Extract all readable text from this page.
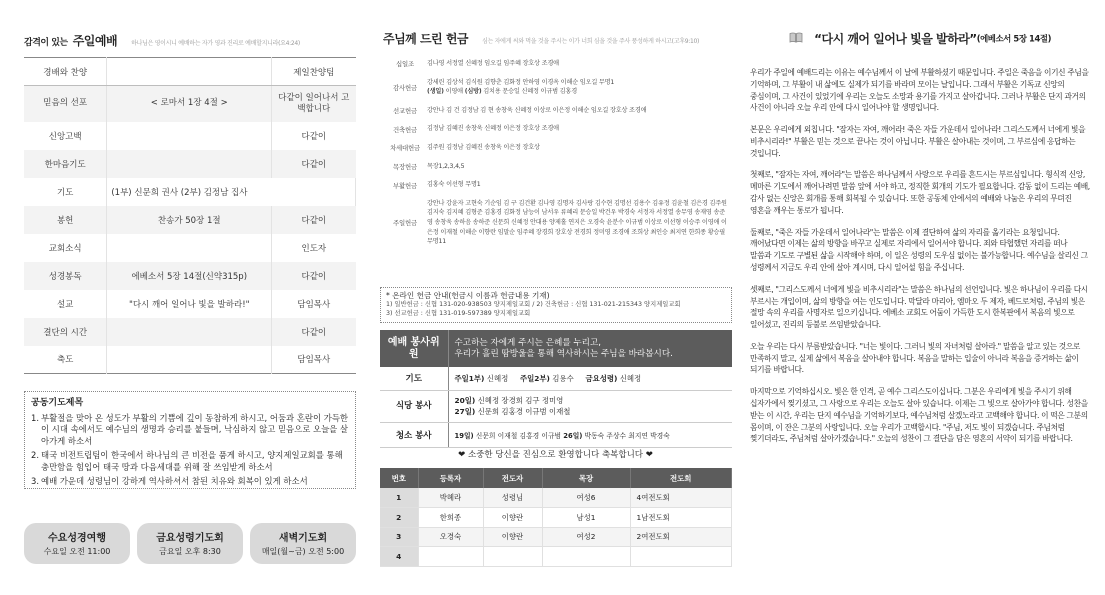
감격이 있는 주일예배 하나님은 영이시니 예배하는 자가 영과 진리로 예배할지니라(요4:24)
경배와 찬양		제일찬양팀
믿음의 선포	< 로마서 1장 4절 >	다같이 일어나서 고백합니다
신앙고백		다같이
한마음기도		다같이
기도	(1부) 신문희 권사 (2부) 김정남 집사	
봉헌	찬송가 50장 1절	다같이
교회소식		인도자
성경봉독	에베소서 5장 14절(신약315p)	다같이
설교	"다시 깨어 일어나 빛을 발하라!"	담임목사
결단의 시간		다같이
축도		담임목사
공동기도제목
1. 부활절을 맞아 온 성도가 부활의 기쁨에 깊이 동참하게 하시고, 어둠과 혼란이 가득한 이 시대 속에서도 예수님의 생명과 승리를 붙들며, 낙심하지 않고 믿음으로 오늘을 살아가게 하소서
2. 태국 비전트립팀이 한국에서 하나님의 큰 비전을 품게 하시고, 양지제일교회를 통해 충만함을 힘입어 태국 땅과 다음세대를 위해 잘 쓰임받게 하소서
3. 예배 가운데 성령님이 강하게 역사하셔서 참된 치유와 회복이 있게 하소서
수요성경여행
수요일 오전 11:00
금요성령기도회
금요일 오후 8:30
새벽기도회
매일(월~금) 오전 5:00
주님께 드린 헌금 심는 자에게 씨와 먹을 것을 주시는 이가 너희 심을 것을 주사 풍성하게 하시고(고후9:10)
십일조	김나영 서정열 신혜정 임오길 임주혜 장호상 조경애
감사헌금
강세린 김상석 김식원 김향춘 김화정 안하영 이경옥 이해순 임오길 무명1
(생일) 이영애 (심방) 김치용 문승일 신혜정 이규범 김홍경
선교헌금	강안나 김 건 김정남 김 현 송창욱 신혜정 이상로 이은정 이해순 임오길 장호상 조경애
건축헌금	김정남 김혜진 송창욱 신혜정 이은정 장호상 조경애
차세대헌금	김주원 김정남 김혜진 송창욱 이은정 장호상
목장헌금	목장1,2,3,4,5
부활헌금	김홍숙 이선형 무명1
주일헌금
강안나 강윤자 고현숙 기순임 김 구 김건환 김나영 김명자 김사랑 김수현 김명선 김용수 김유정 김윤철 김은경 김주원 김지숙 김지혜 김형준 김홍경 김화정 남능이 남서우 류혜리 문승일 박건우 박경숙 서정자 서정열 송무영 송재영 송준영 송창욱 송하음 송하준 신문희 신혜정 안대용 양제홀 연지은 오경숙 윤분수 이규범 이상로 이선형 이승주 이영애 이은정 이재철 이해순 이향란 임말순 임주혜 장경희 장호상 전경희 정미영 조경애 조희상 최인승 최지연 한희종 황승필 무명11
* 온라인 헌금 안내(헌금시 이름과 헌금내용 기재)
1) 일반헌금 : 신협 131-020-938503 양지제일교회 / 2) 건축헌금 : 신협 131-021-215343 양지제일교회
3) 선교헌금 : 신협 131-019-597389 양지제일교회
예배 봉사위원	수고하는 자에게 주시는 은혜를 누리고,
우리가 흘린 땀방울을 통해 역사하시는 주님을 바라봅시다.
기도	주일1부) 신혜정 주일2부) 김용수 금요성령) 신혜정
식당 봉사	20일) 신혜정 장경희 김구 정미영
27일) 신문희 김홍경 이규범 이재철
청소 봉사	19일) 신문희 이재철 김홍경 이규범 26일) 박동숙 주상수 최지연 박경숙
❤ 소중한 당신을 진심으로 환영합니다 축복합니다 ❤
번호	등록자	전도자	목장	전도회
1	박혜라	성령님	여성6	4여전도회
2	한희종	이향란	남성1	1남전도회
3	오경숙	이향란	여성2	2여전도회
4				
“다시 깨어 일어나 빛을 발하라”(에베소서 5장 14절)

우리가 주일에 예배드리는 이유는 예수님께서 이 날에 부활하셨기 때문입니다. 주일은 죽음을 이기신 주님을 기억하며, 그 부활이 내 삶에도 실제가 되기를 바라며 모이는 날입니다. 그래서 부활은 기독교 신앙의 중심이며, 그 사건이 있었기에 우리는 오늘도 소망과 용기를 가지고 살아갑니다. 그러나 부활은 단지 과거의 사건이 아니라 오늘 우리 안에 다시 일어나야 할 생명입니다.

본문은 우리에게 외칩니다. "잠자는 자여, 깨어라! 죽은 자들 가운데서 일어나라! 그리스도께서 너에게 빛을 비추시리라!" 부활은 믿는 것으로 끝나는 것이 아닙니다. 부활은 살아내는 것이며, 그 부르심에 응답하는 것입니다.

첫째로, "잠자는 자여, 깨어라"는 말씀은 하나님께서 사랑으로 우리를 흔드시는 부르심입니다. 형식적 신앙, 메마른 기도에서 깨어나려면 말씀 앞에 서야 하고, 정직한 회개의 기도가 필요합니다. 감동 없이 드리는 예배, 감사 없는 신앙은 회개를 통해 회복될 수 있습니다. 또한 공동체 안에서의 예배와 나눔은 우리의 무뎌진 영혼을 깨우는 통로가 됩니다.

둘째로, "죽은 자들 가운데서 일어나라"는 말씀은 이제 결단하여 삶의 자리를 옮기라는 요청입니다. 깨어났다면 이제는 삶의 방향을 바꾸고 실제로 자리에서 일어서야 합니다. 죄와 타협했던 자리를 떠나 말씀과 기도로 구별된 삶을 시작해야 하며, 이 일은 성령의 도우심 없이는 불가능합니다. 예수님을 살리신 그 성령께서 지금도 우리 안에 살아 계시며, 다시 일어설 힘을 주십니다.

셋째로, "그리스도께서 너에게 빛을 비추시리라"는 말씀은 하나님의 선언입니다. 빛은 하나님이 우리를 다시 부르시는 개입이며, 삶의 방향을 여는 인도입니다. 막달라 마리아, 엠마오 두 제자, 베드로처럼, 주님의 빛은 절망 속의 우리를 사명자로 일으키십니다. 에베소 교회도 어둠이 가득한 도시 한복판에서 복음의 빛으로 일어섰고, 진리의 등불로 쓰임받았습니다.

오늘 우리는 다시 부름받았습니다. "너는 빛이다. 그러니 빛의 자녀처럼 살아라." 말씀을 알고 있는 것으로 만족하지 말고, 실제 삶에서 복음을 살아내야 합니다. 복음을 말하는 입술이 아니라 복음을 증거하는 삶이 되기를 바랍니다.

마지막으로 기억하십시오. 빛은 한 인격, 곧 예수 그리스도이십니다. 그분은 우리에게 빛을 주시기 위해 십자가에서 찢기셨고, 그 사랑으로 우리는 오늘도 살아 있습니다. 이제는 그 빛으로 살아가야 합니다. 성찬을 받는 이 시간, 우리는 단지 예수님을 기억하기보다, 예수님처럼 살겠노라고 고백해야 합니다. 이 떡은 그분의 몸이며, 이 잔은 그분의 사랑입니다. 오늘 우리가 고백합시다. "주님, 저도 빛이 되겠습니다. 주님처럼 찢기더라도, 주님처럼 살아가겠습니다." 오늘의 성찬이 그 결단을 담은 영혼의 서약이 되기를 바랍니다.
